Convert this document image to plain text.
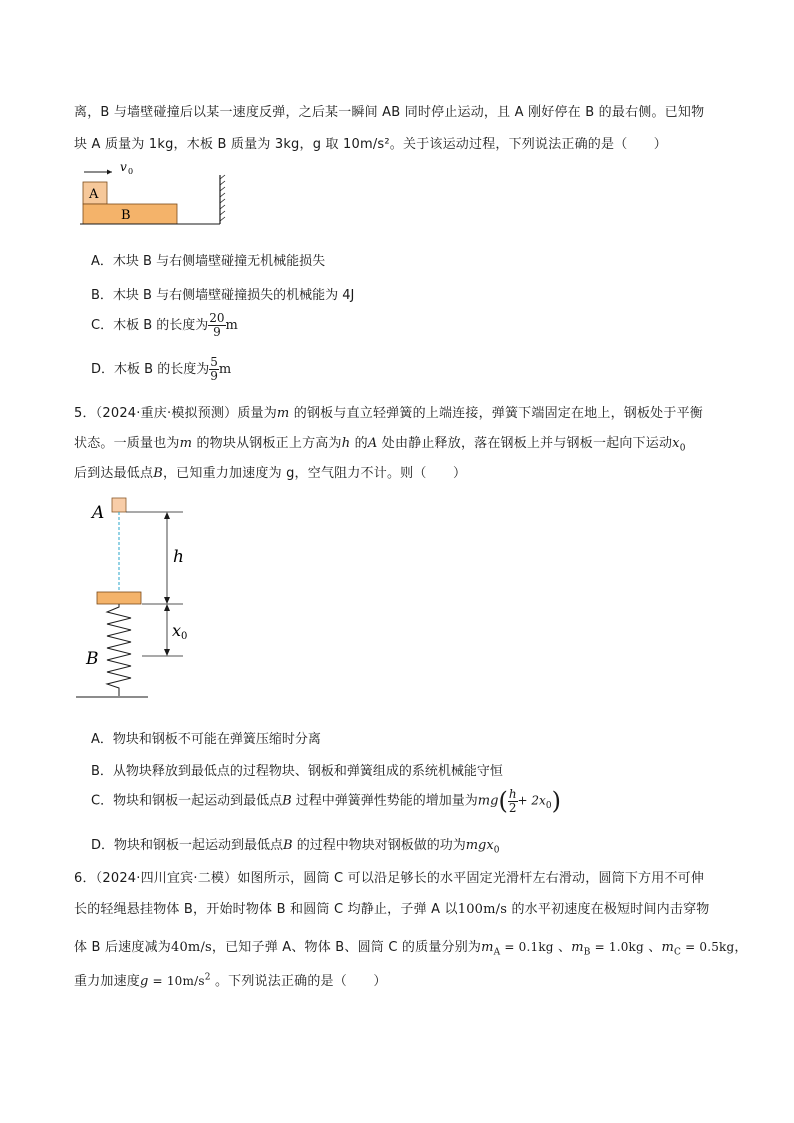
离，B 与墙壁碰撞后以某一速度反弹，之后某一瞬间 AB 同时停止运动，且 A 刚好停在 B 的最右侧。已知物
块 A 质量为 1kg，木板 B 质量为 3kg，g 取 10m/s²。关于该运动过程，下列说法正确的是（　　）
v 0
A
B
A．木块 B 与右侧墙壁碰撞无机械能损失
B．木块 B 与右侧墙壁碰撞损失的机械能为 4J
C．木板 B 的长度为 $\frac{20}{9}$ m
D．木板 B 的长度为 $\frac{5}{9}$ m
5．（2024·重庆·模拟预测）质量为m 的钢板与直立轻弹簧的上端连接，弹簧下端固定在地上，钢板处于平衡
状态。一质量也为m 的物块从钢板正上方高为h 的A 处由静止释放，落在钢板上并与钢板一起向下运动$x_0$
后到达最低点B，已知重力加速度为 g，空气阻力不计。则（　　）
A
h
x 0
B
A．物块和钢板不可能在弹簧压缩时分离
B．从物块释放到最低点的过程物块、钢板和弹簧组成的系统机械能守恒
C．物块和钢板一起运动到最低点B 过程中弹簧弹性势能的增加量为$mg( \frac{h}{2} + 2x_0)$
D．物块和钢板一起运动到最低点B 的过程中物块对钢板做的功为mgx$_0$
6．（2024·四川宜宾·二模）如图所示，圆筒 C 可以沿足够长的水平固定光滑杆左右滑动，圆筒下方用不可伸
长的轻绳悬挂物体 B，开始时物体 B 和圆筒 C 均静止，子弹 A 以100m/s 的水平初速度在极短时间内击穿物
体 B 后速度减为40m/s，已知子弹 A、物体 B、圆筒 C 的质量分别为$m_A = 0.1kg$ 、$m_B = 1.0kg$ 、$m_C = 0.5kg$，
重力加速度$g = 10m/s^2$ 。下列说法正确的是（　　）
